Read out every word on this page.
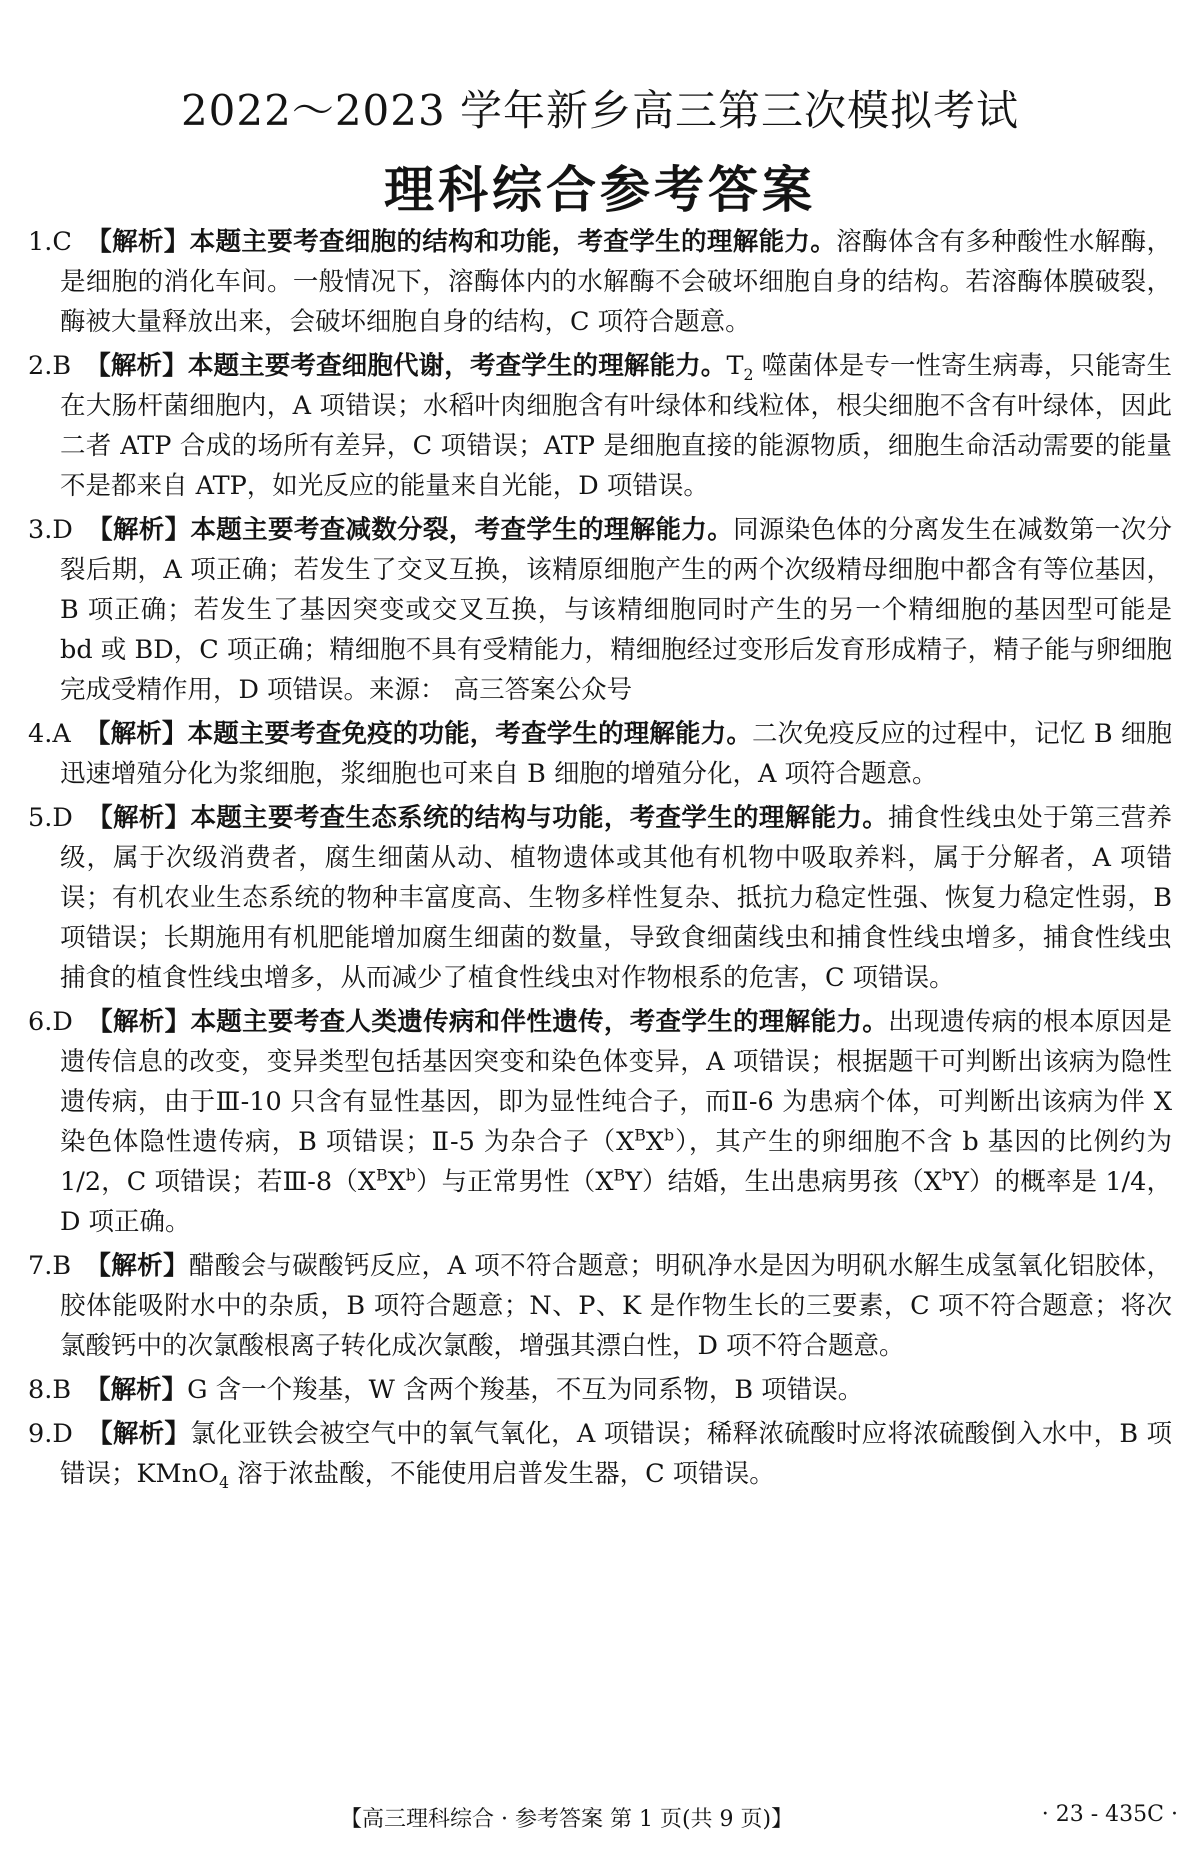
2022～2023 学年新乡高三第三次模拟考试
理科综合参考答案
1.C 【解析】本题主要考查细胞的结构和功能，考查学生的理解能力。溶酶体含有多种酸性水解酶，是细胞的消化车间。一般情况下，溶酶体内的水解酶不会破坏细胞自身的结构。若溶酶体膜破裂，酶被大量释放出来，会破坏细胞自身的结构，C 项符合题意。
2.B 【解析】本题主要考查细胞代谢，考查学生的理解能力。$T_2$ 噬菌体是专一性寄生病毒，只能寄生在大肠杆菌细胞内，A 项错误；水稻叶肉细胞含有叶绿体和线粒体，根尖细胞不含有叶绿体，因此二者 ATP 合成的场所有差异，C 项错误；ATP 是细胞直接的能源物质，细胞生命活动需要的能量不是都来自 ATP，如光反应的能量来自光能，D 项错误。
3.D 【解析】本题主要考查减数分裂，考查学生的理解能力。同源染色体的分离发生在减数第一次分裂后期，A 项正确；若发生了交叉互换，该精原细胞产生的两个次级精母细胞中都含有等位基因，B 项正确；若发生了基因突变或交叉互换，与该精细胞同时产生的另一个精细胞的基因型可能是 bd 或 BD，C 项正确；精细胞不具有受精能力，精细胞经过变形后发育形成精子，精子能与卵细胞完成受精作用，D 项错误。来源： 高三答案公众号
4.A 【解析】本题主要考查免疫的功能，考查学生的理解能力。二次免疫反应的过程中，记忆 B 细胞迅速增殖分化为浆细胞，浆细胞也可来自 B 细胞的增殖分化，A 项符合题意。
5.D 【解析】本题主要考查生态系统的结构与功能，考查学生的理解能力。捕食性线虫处于第三营养级，属于次级消费者，腐生细菌从动、植物遗体或其他有机物中吸取养料，属于分解者，A 项错误；有机农业生态系统的物种丰富度高、生物多样性复杂、抵抗力稳定性强、恢复力稳定性弱，B 项错误；长期施用有机肥能增加腐生细菌的数量，导致食细菌线虫和捕食性线虫增多，捕食性线虫捕食的植食性线虫增多，从而减少了植食性线虫对作物根系的危害，C 项错误。
6.D 【解析】本题主要考查人类遗传病和伴性遗传，考查学生的理解能力。出现遗传病的根本原因是遗传信息的改变，变异类型包括基因突变和染色体变异，A 项错误；根据题干可判断出该病为隐性遗传病，由于Ⅲ-10 只含有显性基因，即为显性纯合子，而Ⅱ-6 为患病个体，可判断出该病为伴 X 染色体隐性遗传病，B 项错误；Ⅱ-5 为杂合子$(X^BX^b)$，其产生的卵细胞不含 b 基因的比例约为 1/2，C 项错误；若$Ⅲ-8(X^BX^b)$与正常男性$(X^BY)$结婚，生出患病男孩$(X^bY)$的概率是 1/4，D 项正确。
7.B 【解析】醋酸会与碳酸钙反应，A 项不符合题意；明矾净水是因为明矾水解生成氢氧化铝胶体，胶体能吸附水中的杂质，B 项符合题意；N、P、K 是作物生长的三要素，C 项不符合题意；将次氯酸钙中的次氯酸根离子转化成次氯酸，增强其漂白性，D 项不符合题意。
8.B 【解析】G 含一个羧基，W 含两个羧基，不互为同系物，B 项错误。
9.D 【解析】氯化亚铁会被空气中的氧气氧化，A 项错误；稀释浓硫酸时应将浓硫酸倒入水中，B 项错误；KMnO$_4$ 溶于浓盐酸，不能使用启普发生器，C 项错误。
【高三理科综合 · 参考答案 第 1 页(共 9 页)】	· 23 - 435C ·
